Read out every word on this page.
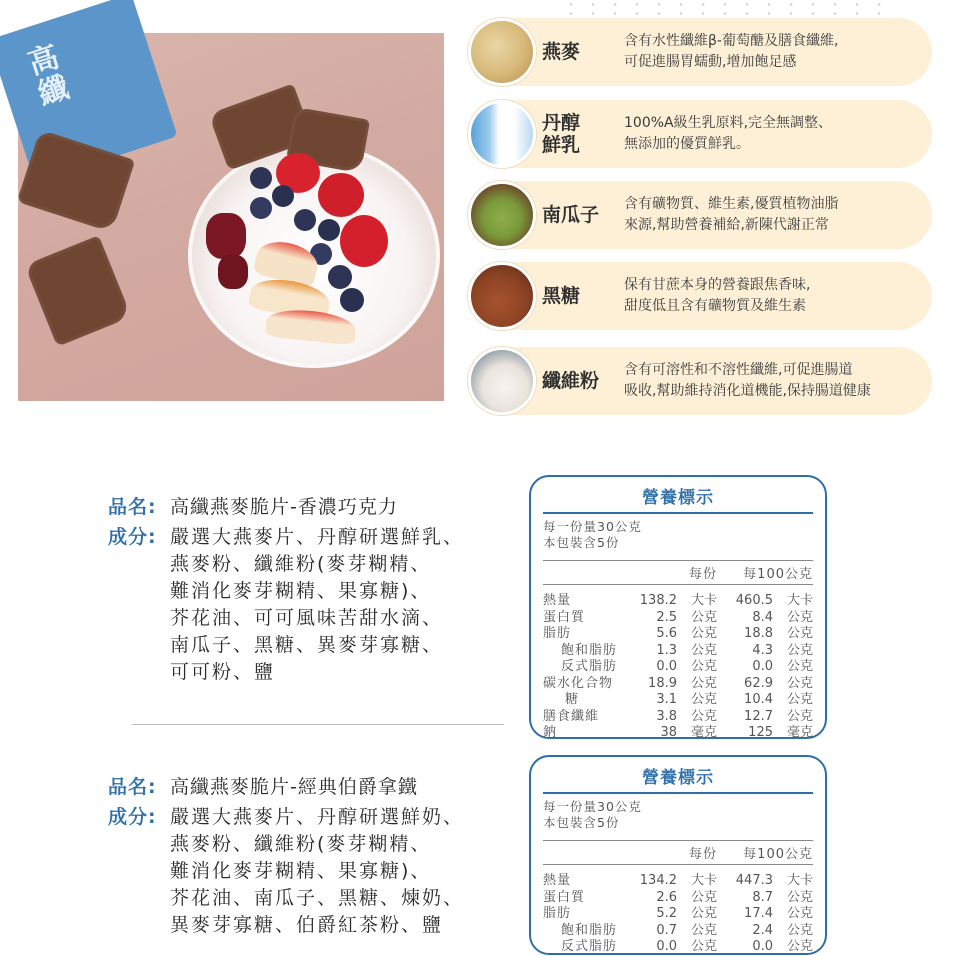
高纖	燕麥	含有水性纖維β-葡萄醣及膳食纖維,
可促進腸胃蠕動,增加飽足感
丹醇
鮮乳
100%A級生乳原料,完全無調整、
無添加的優質鮮乳。
南瓜子	含有礦物質、維生素,優質植物油脂
來源,幫助營養補給,新陳代謝正常
黑糖	保有甘蔗本身的營養跟焦香味,
甜度低且含有礦物質及維生素
纖維粉	含有可溶性和不溶性纖維,可促進腸道
吸收,幫助維持消化道機能,保持腸道健康
品名: 高纖燕麥脆片-香濃巧克力
成分: 嚴選大燕麥片、丹醇研選鮮乳、
燕麥粉、纖維粉(麥芽糊精、
難消化麥芽糊精、果寡糖)、
芥花油、可可風味苦甜水滴、
南瓜子、黑糖、異麥芽寡糖、
可可粉、鹽
品名: 高纖燕麥脆片-經典伯爵拿鐵
成分: 嚴選大燕麥片、丹醇研選鮮奶、
燕麥粉、纖維粉(麥芽糊精、
難消化麥芽糊精、果寡糖)、
芥花油、南瓜子、黑糖、煉奶、
異麥芽寡糖、伯爵紅茶粉、鹽
營養標示
每一份量30公克
本包裝含5份
每份	每100公克
熱量	138.2 大卡	460.5 大卡
蛋白質	2.5 公克	8.4 公克
脂肪	5.6 公克	18.8 公克
飽和脂肪	1.3 公克	4.3 公克
反式脂肪	0.0 公克	0.0 公克
碳水化合物	18.9 公克	62.9 公克
糖	3.1 公克	10.4 公克
膳食纖維	3.8 公克	12.7 公克
鈉	38 毫克	125 毫克
營養標示
每一份量30公克
本包裝含5份
每份	每100公克
熱量	134.2 大卡	447.3 大卡
蛋白質	2.6 公克	8.7 公克
脂肪	5.2 公克	17.4 公克
飽和脂肪	0.7 公克	2.4 公克
反式脂肪	0.0 公克	0.0 公克
